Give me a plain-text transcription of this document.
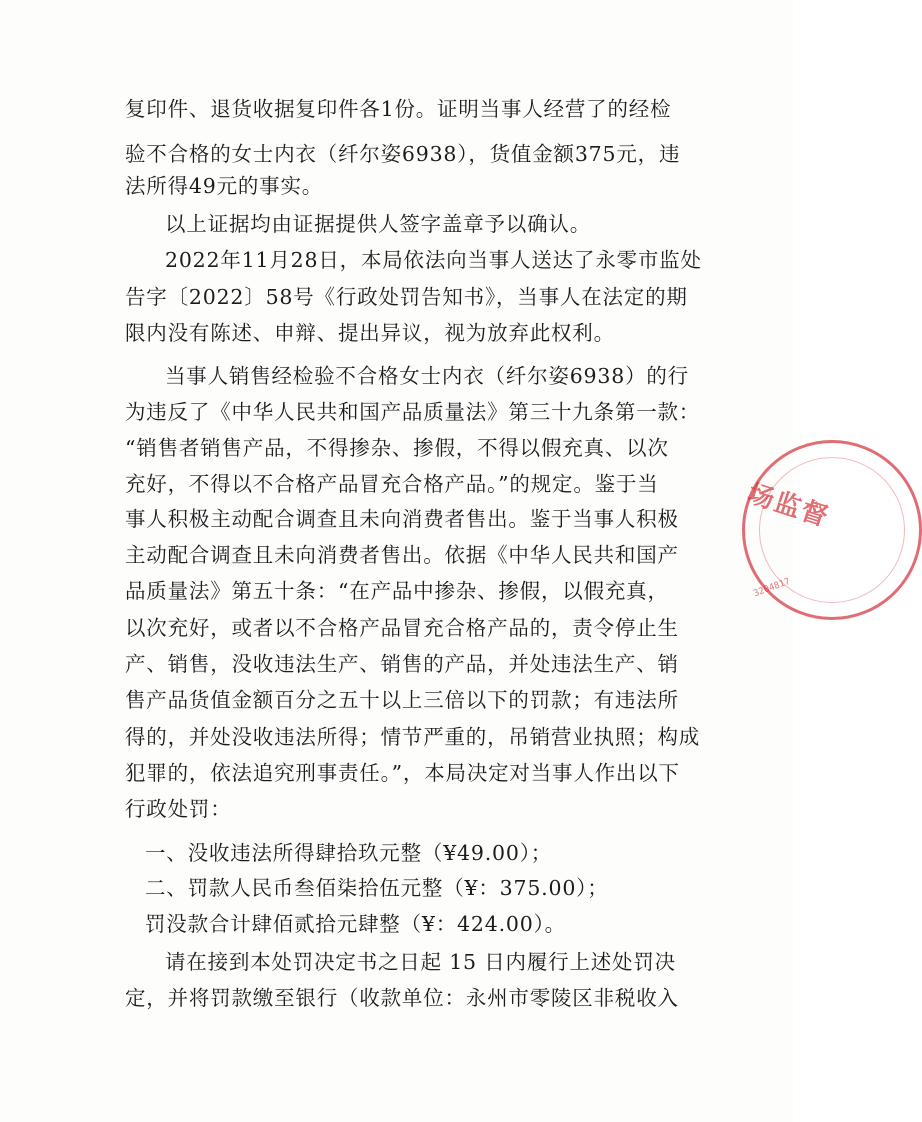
复印件、退货收据复印件各1份。证明当事人经营了的经检
验不合格的女士内衣（纤尔姿6938），货值金额375元，违
法所得49元的事实。
以上证据均由证据提供人签字盖章予以确认。
2022年11月28日，本局依法向当事人送达了永零市监处
告字〔2022〕58号《行政处罚告知书》，当事人在法定的期
限内没有陈述、申辩、提出异议，视为放弃此权利。
当事人销售经检验不合格女士内衣（纤尔姿6938）的行
为违反了《中华人民共和国产品质量法》第三十九条第一款：
“销售者销售产品，不得掺杂、掺假，不得以假充真、以次
充好，不得以不合格产品冒充合格产品。”的规定。鉴于当
事人积极主动配合调查且未向消费者售出。鉴于当事人积极
主动配合调查且未向消费者售出。依据《中华人民共和国产
品质量法》第五十条：“在产品中掺杂、掺假，以假充真，
以次充好，或者以不合格产品冒充合格产品的，责令停止生
产、销售，没收违法生产、销售的产品，并处违法生产、销
售产品货值金额百分之五十以上三倍以下的罚款；有违法所
得的，并处没收违法所得；情节严重的，吊销营业执照；构成
犯罪的，依法追究刑事责任。”，本局决定对当事人作出以下
行政处罚：
一、没收违法所得肆拾玖元整（¥49.00）；
二、罚款人民币叁佰柒拾伍元整（¥：375.00）；
罚没款合计肆佰贰拾元肆整（¥：424.00）。
请在接到本处罚决定书之日起 15 日内履行上述处罚决
定，并将罚款缴至银行（收款单位：永州市零陵区非税收入
场监督
3204817
